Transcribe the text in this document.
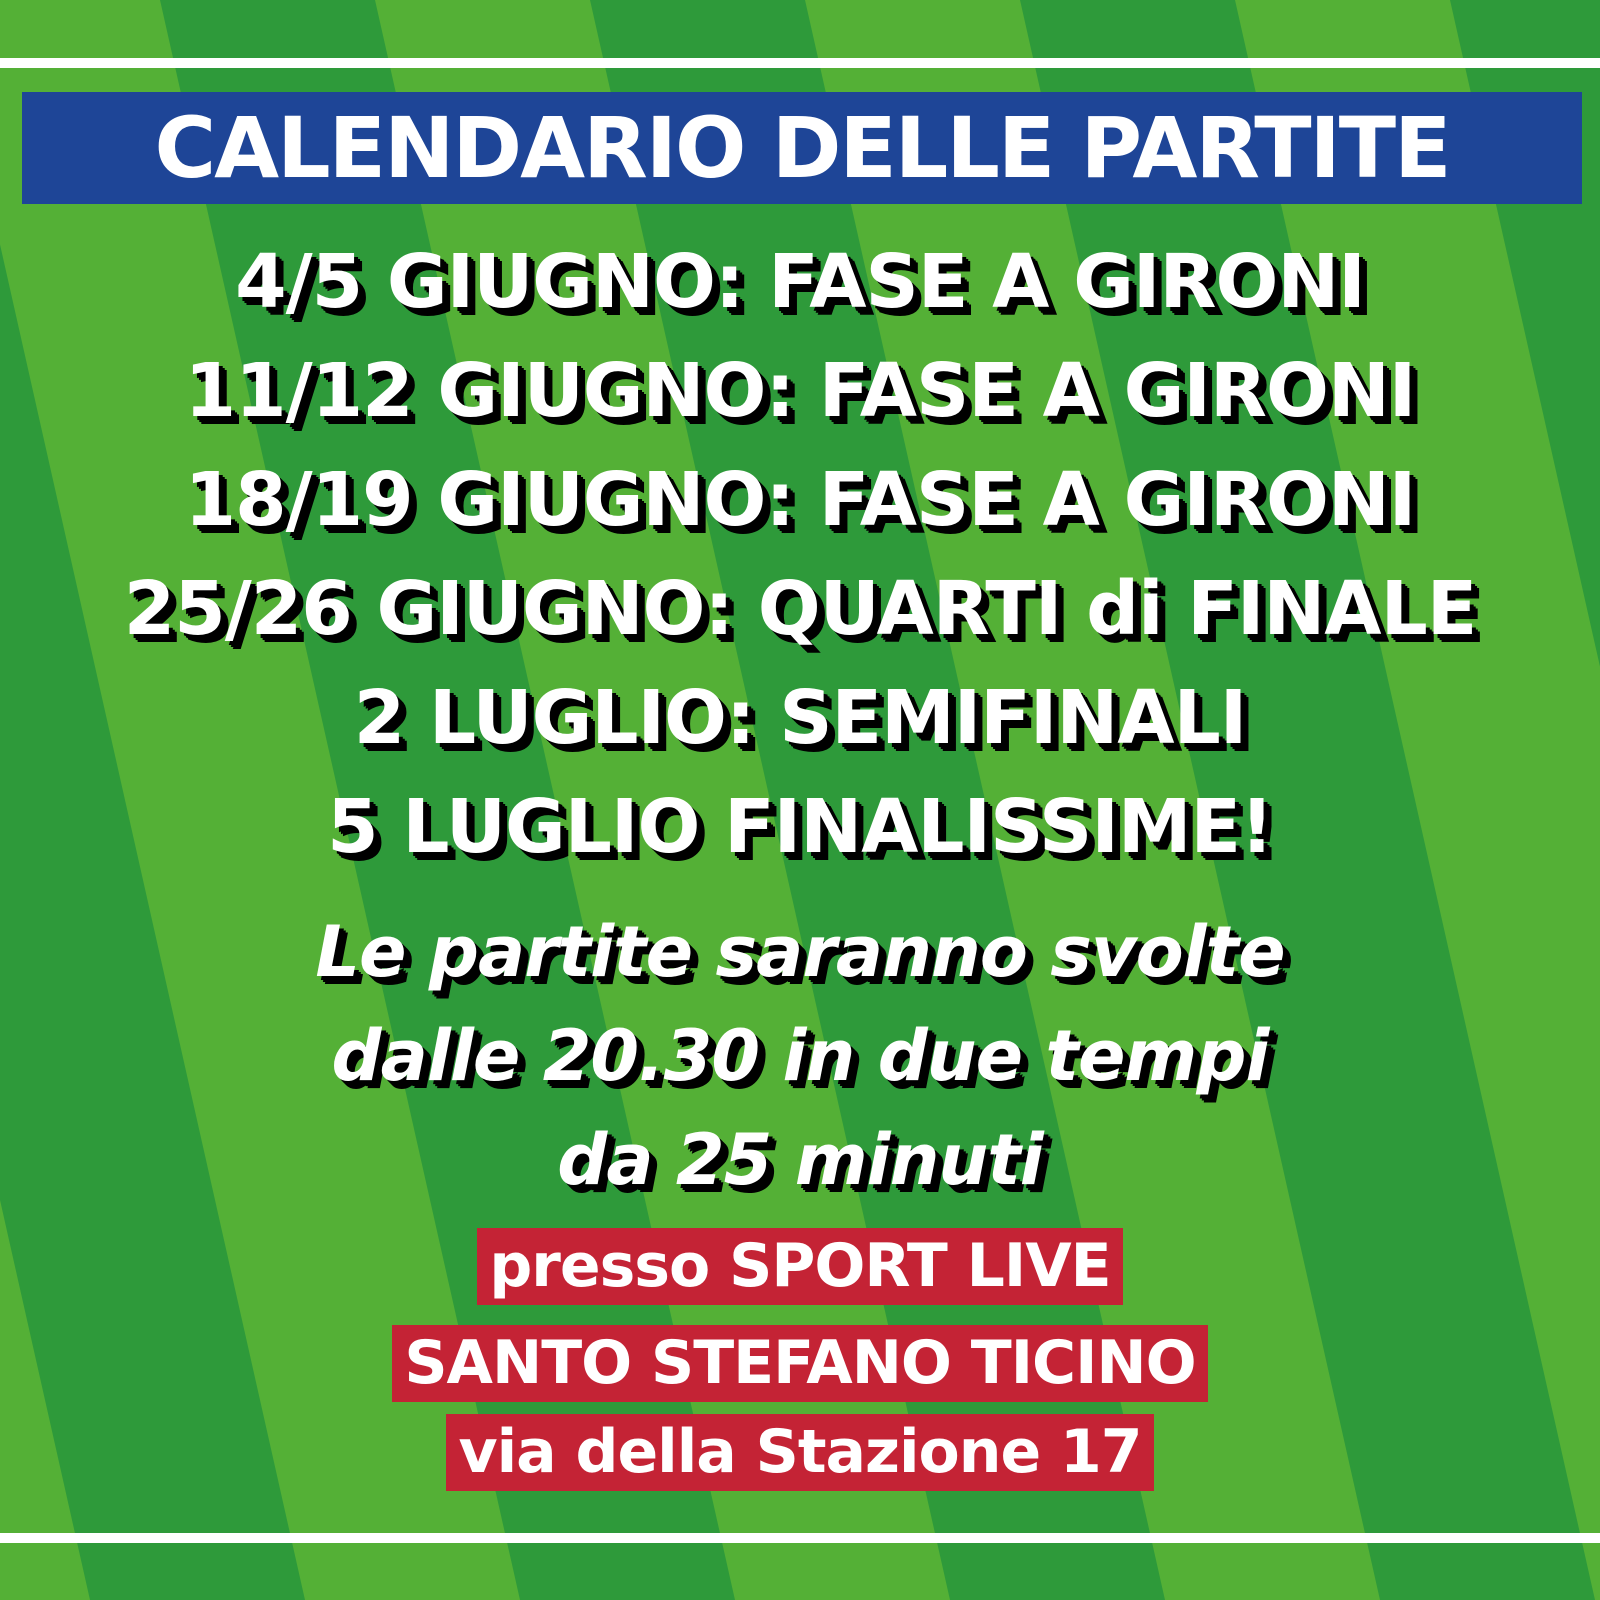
CALENDARIO DELLE PARTITE
4/5 GIUGNO: FASE A GIRONI
11/12 GIUGNO: FASE A GIRONI
18/19 GIUGNO: FASE A GIRONI
25/26 GIUGNO: QUARTI di FINALE
2 LUGLIO: SEMIFINALI
5 LUGLIO FINALISSIME!
Le partite saranno svolte
dalle 20.30 in due tempi
da 25 minuti
presso SPORT LIVE
SANTO STEFANO TICINO
via della Stazione 17
